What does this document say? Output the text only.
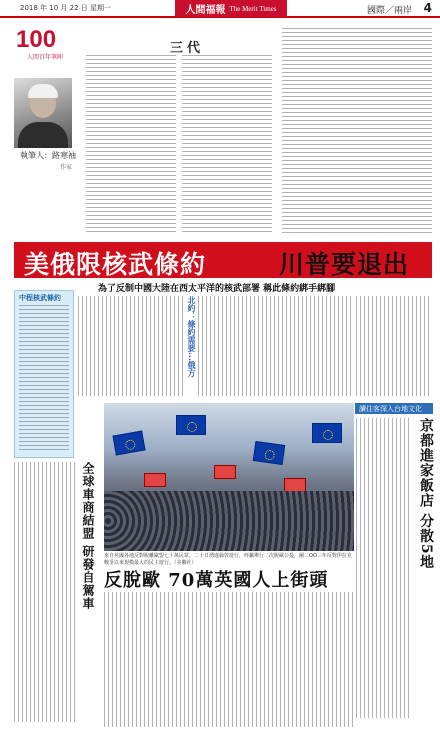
2018 年 10 月 22 日 星期一	人間福報 The Merit Times	國際／兩岸 4
100
人間百年筆陣
三代
執筆人：路寒袖
作家
美俄限核武條約	川普要退出
為了反制中國大陸在西太平洋的核武部署 稱此條約綁手綁腳
中程核武條約	北約：條約需要...俄方
讀往客深入台地文化
京都進家飯店 分散5地
全球車商結盟 研發自駕車	來自英國各地反對脫離歐盟七十萬民眾，二十日湧進倫敦遊行，呼籲舉行二次脫歐公投，圖二OO三年反對伊拉克戰爭以來規模最大的民主遊行。（美聯社）
反脫歐 70萬英國人上街頭
